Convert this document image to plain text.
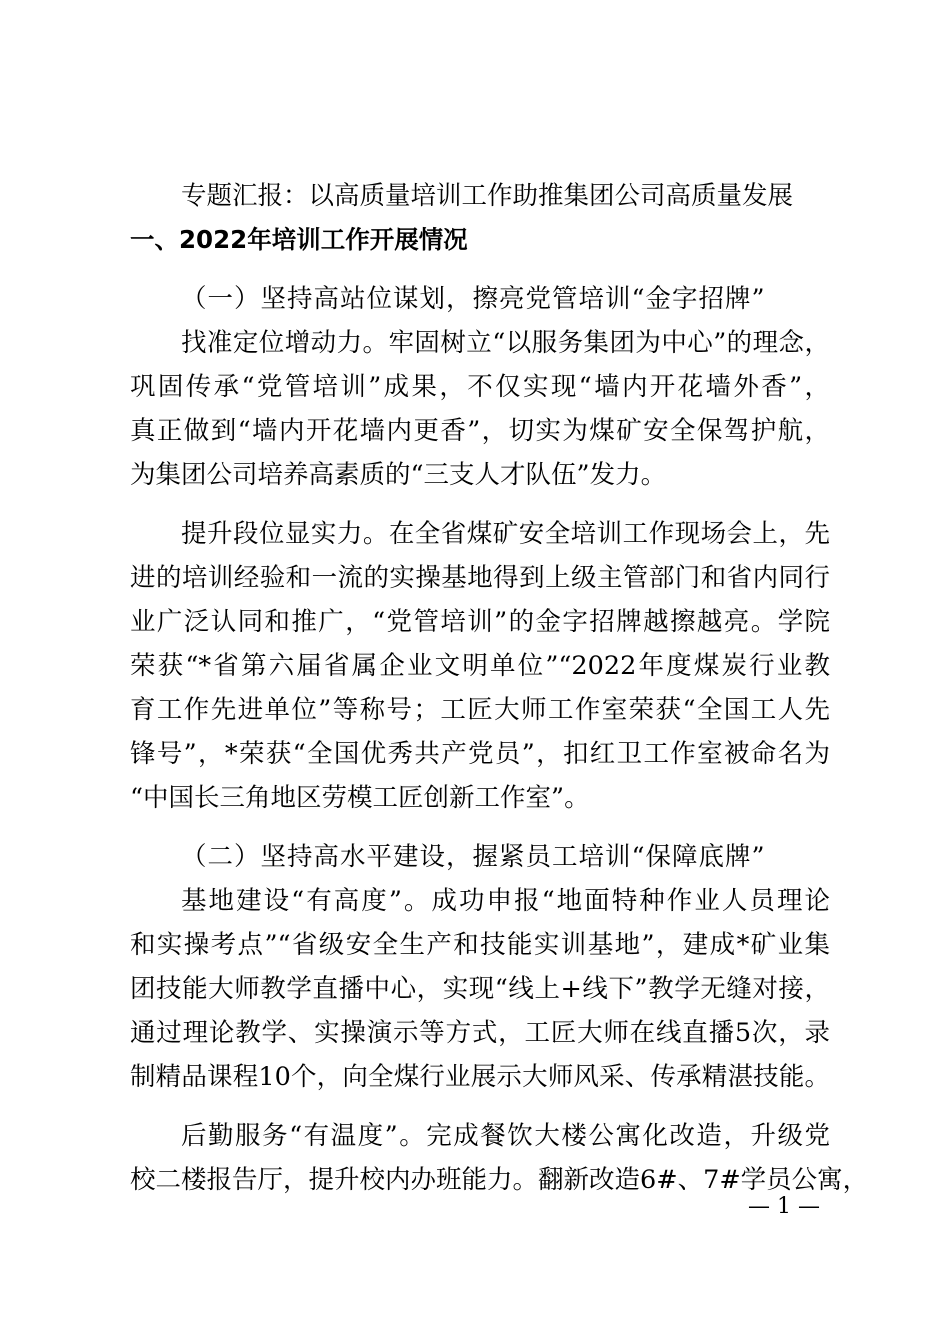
专题汇报：以高质量培训工作助推集团公司高质量发展

一、2022年培训工作开展情况

（一）坚持高站位谋划，擦亮党管培训“金字招牌”

找准定位增动力。牢固树立“以服务集团为中心”的理念，

巩固传承“党管培训”成果，不仅实现“墙内开花墙外香”，

真正做到“墙内开花墙内更香”，切实为煤矿安全保驾护航，

为集团公司培养高素质的“三支人才队伍”发力。

提升段位显实力。在全省煤矿安全培训工作现场会上，先

进的培训经验和一流的实操基地得到上级主管部门和省内同行

业广泛认同和推广，“党管培训”的金字招牌越擦越亮。学院

荣获“*省第六届省属企业文明单位”“2022年度煤炭行业教

育工作先进单位”等称号；工匠大师工作室荣获“全国工人先

锋号”，*荣获“全国优秀共产党员”，扣红卫工作室被命名为

“中国长三角地区劳模工匠创新工作室”。

（二）坚持高水平建设，握紧员工培训“保障底牌”

基地建设“有高度”。成功申报“地面特种作业人员理论

和实操考点”“省级安全生产和技能实训基地”，建成*矿业集

团技能大师教学直播中心，实现“线上+线下”教学无缝对接，

通过理论教学、实操演示等方式，工匠大师在线直播5次，录

制精品课程10个，向全煤行业展示大师风采、传承精湛技能。

后勤服务“有温度”。完成餐饮大楼公寓化改造，升级党

校二楼报告厅，提升校内办班能力。翻新改造6#、7#学员公寓，

— 1 —
